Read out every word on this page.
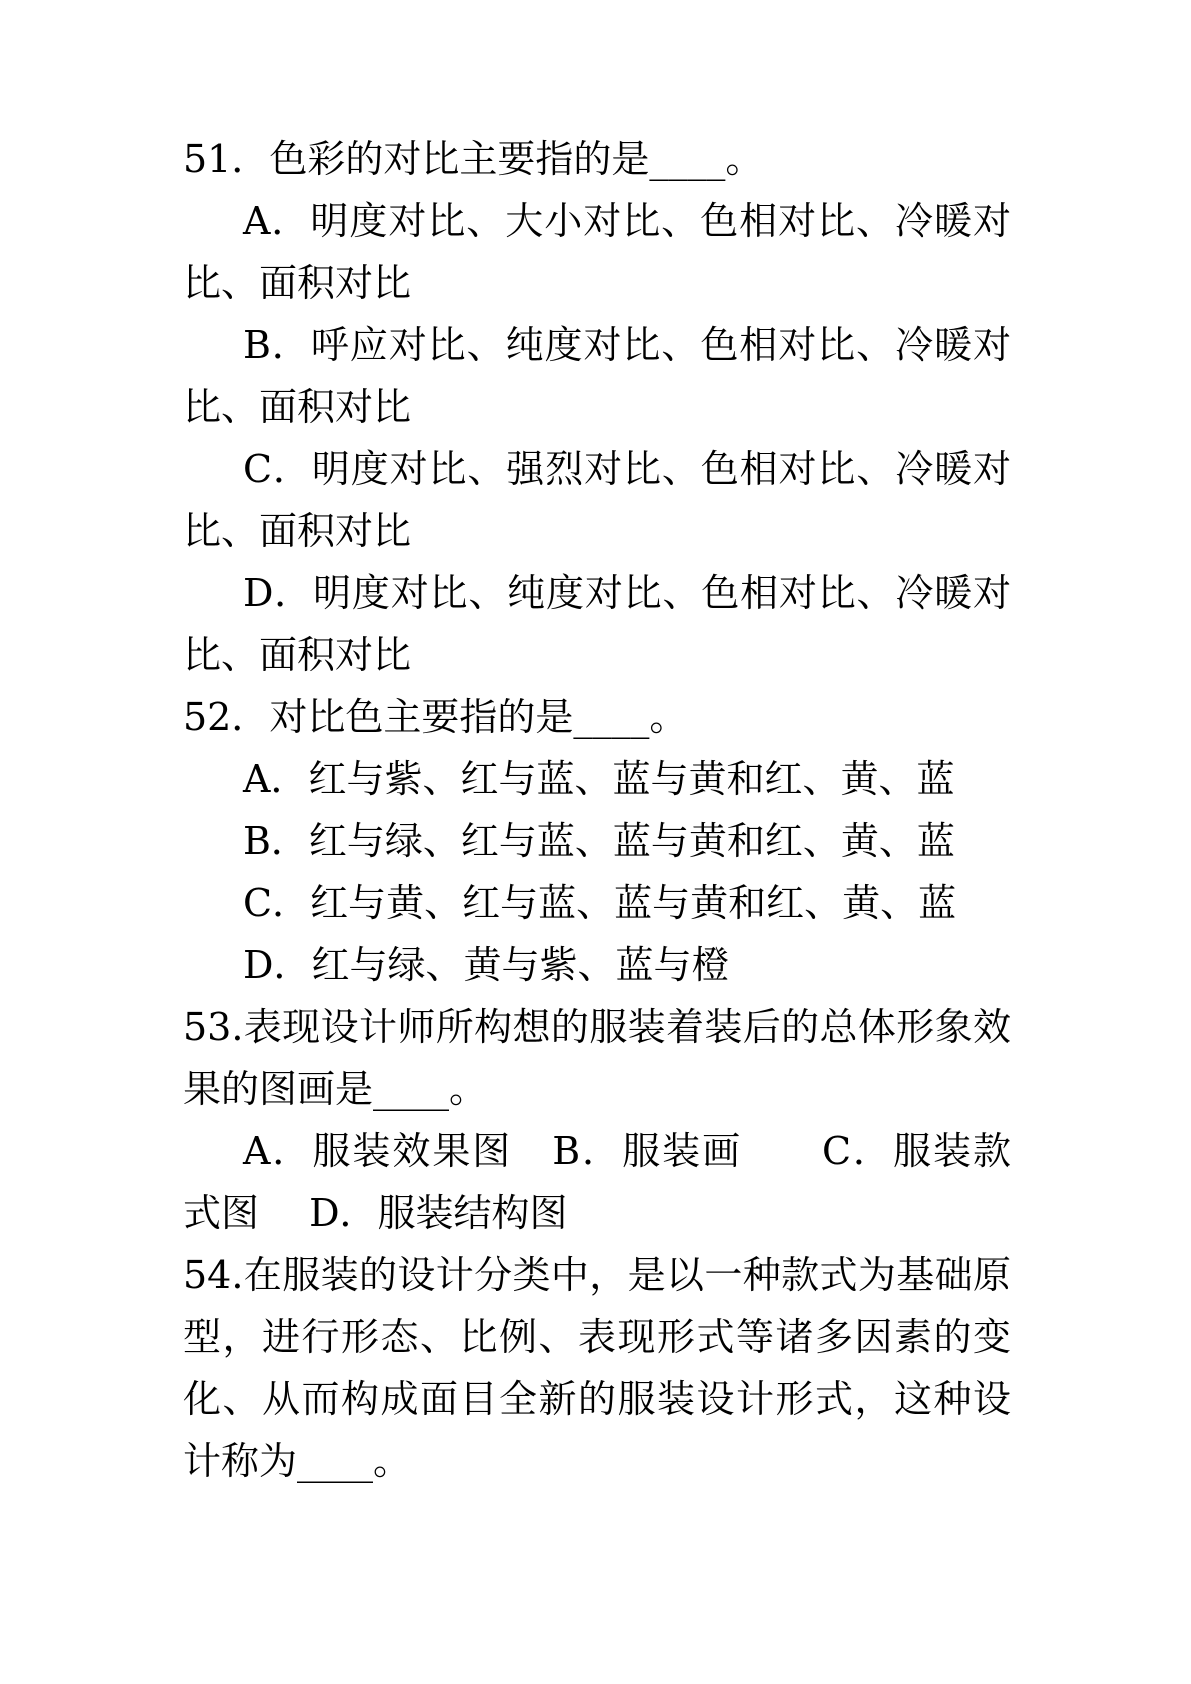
51．色彩的对比主要指的是____。

A．明度对比、大小对比、色相对比、冷暖对比、面积对比

B．呼应对比、纯度对比、色相对比、冷暖对比、面积对比

C．明度对比、强烈对比、色相对比、冷暖对比、面积对比

D．明度对比、纯度对比、色相对比、冷暖对比、面积对比

52．对比色主要指的是____。

A．红与紫、红与蓝、蓝与黄和红、黄、蓝

B．红与绿、红与蓝、蓝与黄和红、黄、蓝

C．红与黄、红与蓝、蓝与黄和红、黄、蓝

D．红与绿、黄与紫、蓝与橙

53.表现设计师所构想的服装着装后的总体形象效果的图画是____。

A．服装效果图　B．服装画　　C．服装款式图　 D．服装结构图

54.在服装的设计分类中，是以一种款式为基础原型，进行形态、比例、表现形式等诸多因素的变化、从而构成面目全新的服装设计形式，这种设计称为____。
